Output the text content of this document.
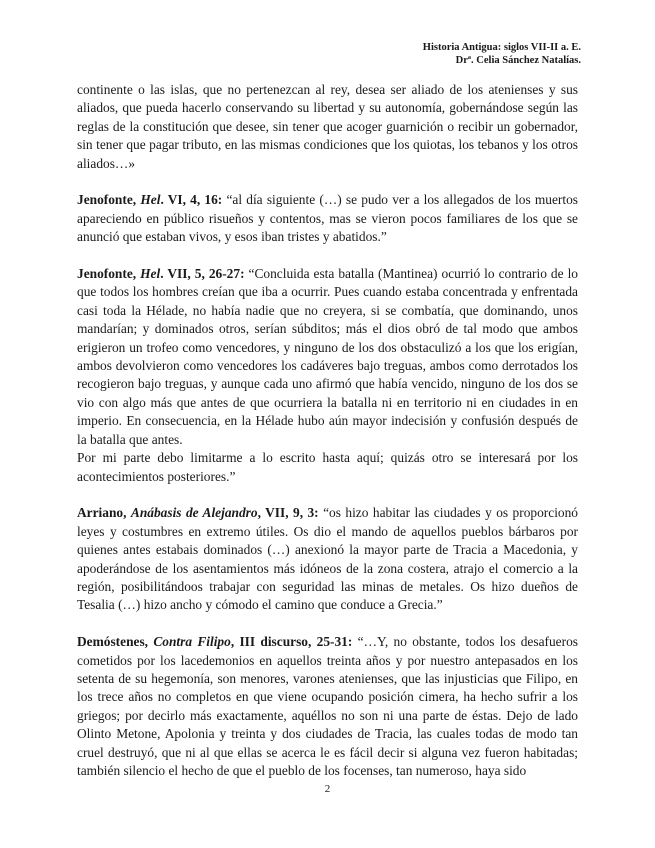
Historia Antigua: siglos VII-II a. E.
Drª. Celia Sánchez Natalías.

continente o las islas, que no pertenezcan al rey, desea ser aliado de los atenienses y sus aliados, que pueda hacerlo conservando su libertad y su autonomía, gobernándose según las reglas de la constitución que desee, sin tener que acoger guarnición o recibir un gobernador, sin tener que pagar tributo, en las mismas condiciones que los quiotas, los tebanos y los otros aliados…»

Jenofonte, Hel. VI, 4, 16: “al día siguiente (…) se pudo ver a los allegados de los muertos apareciendo en público risueños y contentos, mas se vieron pocos familiares de los que se anunció que estaban vivos, y esos iban tristes y abatidos.”

Jenofonte, Hel. VII, 5, 26-27: “Concluida esta batalla (Mantinea) ocurrió lo contrario de lo que todos los hombres creían que iba a ocurrir. Pues cuando estaba concentrada y enfrentada casi toda la Hélade, no había nadie que no creyera, si se combatía, que dominando, unos mandarían; y dominados otros, serían súbditos; más el dios obró de tal modo que ambos erigieron un trofeo como vencedores, y ninguno de los dos obstaculizó a los que los erigían, ambos devolvieron como vencedores los cadáveres bajo treguas, ambos como derrotados los recogieron bajo treguas, y aunque cada uno afirmó que había vencido, ninguno de los dos se vio con algo más que antes de que ocurriera la batalla ni en territorio ni en ciudades in en imperio. En consecuencia, en la Hélade hubo aún mayor indecisión y confusión después de la batalla que antes.

Por mi parte debo limitarme a lo escrito hasta aquí; quizás otro se interesará por los acontecimientos posteriores.”

Arriano, Anábasis de Alejandro, VII, 9, 3: “os hizo habitar las ciudades y os proporcionó leyes y costumbres en extremo útiles. Os dio el mando de aquellos pueblos bárbaros por quienes antes estabais dominados (…) anexionó la mayor parte de Tracia a Macedonia, y apoderándose de los asentamientos más idóneos de la zona costera, atrajo el comercio a la región, posibilitándoos trabajar con seguridad las minas de metales. Os hizo dueños de Tesalia (…) hizo ancho y cómodo el camino que conduce a Grecia.”

Demóstenes, Contra Filipo, III discurso, 25-31: “…Y, no obstante, todos los desafueros cometidos por los lacedemonios en aquellos treinta años y por nuestro antepasados en los setenta de su hegemonía, son menores, varones atenienses, que las injusticias que Filipo, en los trece años no completos en que viene ocupando posición cimera, ha hecho sufrir a los griegos; por decirlo más exactamente, aquéllos no son ni una parte de éstas. Dejo de lado Olinto Metone, Apolonia y treinta y dos ciudades de Tracia, las cuales todas de modo tan cruel destruyó, que ni al que ellas se acerca le es fácil decir si alguna vez fueron habitadas; también silencio el hecho de que el pueblo de los focenses, tan numeroso, haya sido

2
